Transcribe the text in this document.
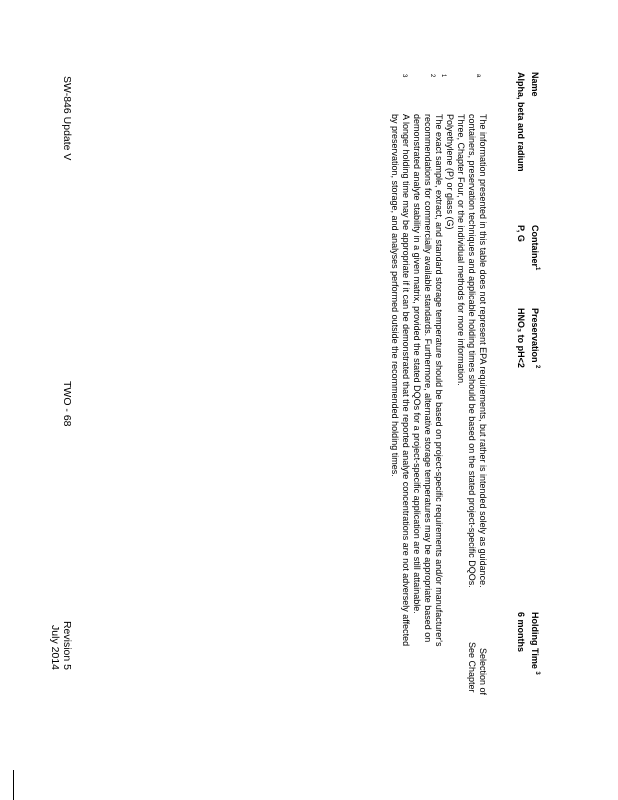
Name
Container$^1$
Preservation $^2$
Holding Time $^3$
Alpha, beta and radium
P, G
HNO₃ to pH<2
6 months
a
The information presented in this table does not represent EPA requirements, but rather is intended solely as guidance.
Selection of
containers, preservation techniques and applicable holding times should be based on the stated project-specific DQOs.
See Chapter
Three, Chapter Four, or the individual methods for more information.
1
Polyethylene (P) or glass (G)
2
The exact sample, extract, and standard storage temperature should be based on project-specific requirements and/or manufacturer's
recommendations for commercially available standards. Furthermore, alternative storage temperatures may be appropriate based on
demonstrated analyte stability in a given matrix, provided the stated DQOs for a project-specific application are still attainable.
3
A longer holding time may be appropriate if it can be demonstrated that the reported analyte concentrations are not adversely affected
by preservation, storage, and analyses performed outside the recommended holding times.
SW-846 Update V
TWO - 68
Revision 5
July 2014
